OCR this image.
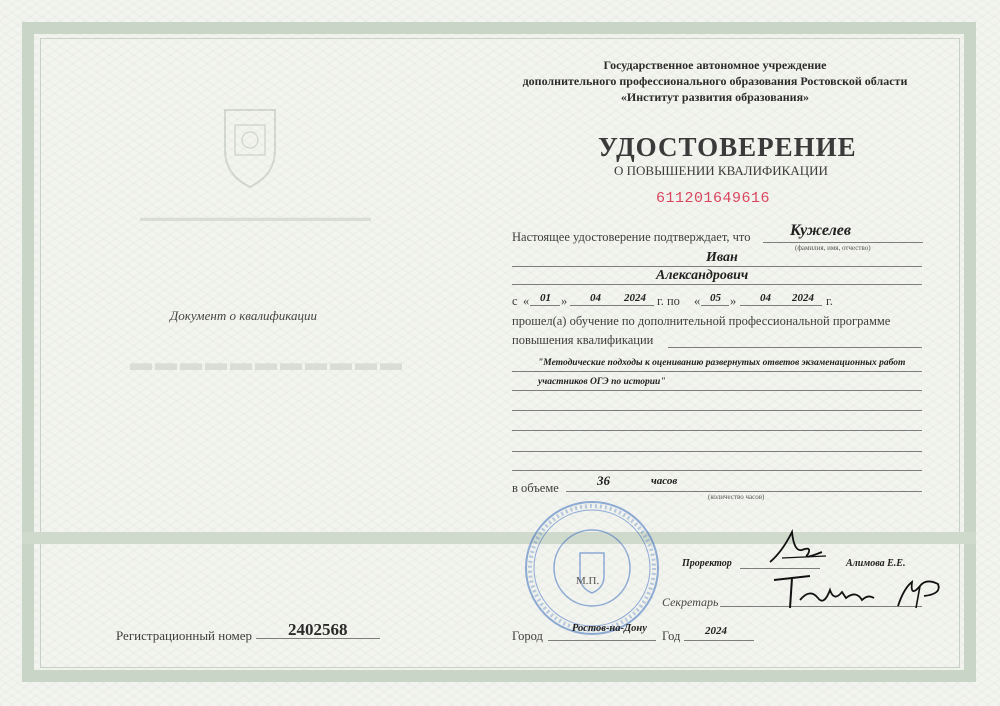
▬▬▬▬▬▬▬▬▬▬▬▬▬▬▬▬▬▬▬▬▬
▬▬▬▬▬▬▬▬▬▬▬
Документ о квалификации
Регистрационный номер 2402568
Государственное автономное учреждение
дополнительного профессионального образования Ростовской области
«Институт развития образования»
УДОСТОВЕРЕНИЕ
О ПОВЫШЕНИИ КВАЛИФИКАЦИИ
611201649616
Настоящее удостоверение подтверждает, что Кужелев
(фамилия, имя, отчество)
Иван
Александрович
с « 01 » 04 2024 г. по « 05 » 04 2024 г.
прошел(а) обучение по дополнительной профессиональной программе
повышения квалификации
"Методические подходы к оцениванию развернутых ответов экзаменационных работ
участников ОГЭ по истории"
в объеме	36	часов
(количество часов)
М.П.
Проректор	Алимова Е.Е.
Секретарь
Город
Ростов-на-Дону
Год 2024
